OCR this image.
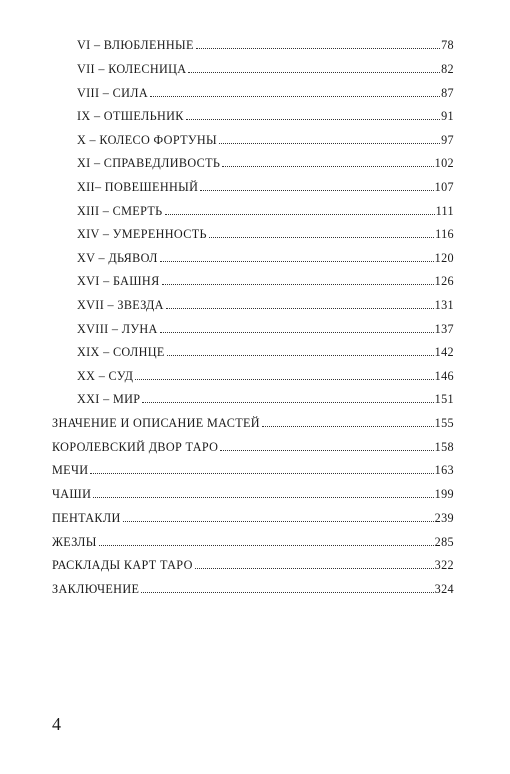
VI – ВЛЮБЛЕННЫЕ	78
VII – КОЛЕСНИЦА	82
VIII – СИЛА	87
IX – ОТШЕЛЬНИК	91
X – КОЛЕСО ФОРТУНЫ	97
XI – СПРАВЕДЛИВОСТЬ	102
XII– ПОВЕШЕННЫЙ	107
XIII – СМЕРТЬ	111
XIV – УМЕРЕННОСТЬ	116
XV – ДЬЯВОЛ	120
XVI – БАШНЯ	126
XVII – ЗВЕЗДА	131
XVIII – ЛУНА	137
XIX – СОЛНЦЕ	142
XX – СУД	146
XXI – МИР	151
ЗНАЧЕНИЕ И ОПИСАНИЕ МАСТЕЙ	155
КОРОЛЕВСКИЙ ДВОР ТАРО	158
МЕЧИ	163
ЧАШИ	199
ПЕНТАКЛИ	239
ЖЕЗЛЫ	285
РАСКЛАДЫ КАРТ ТАРО	322
ЗАКЛЮЧЕНИЕ	324
4
